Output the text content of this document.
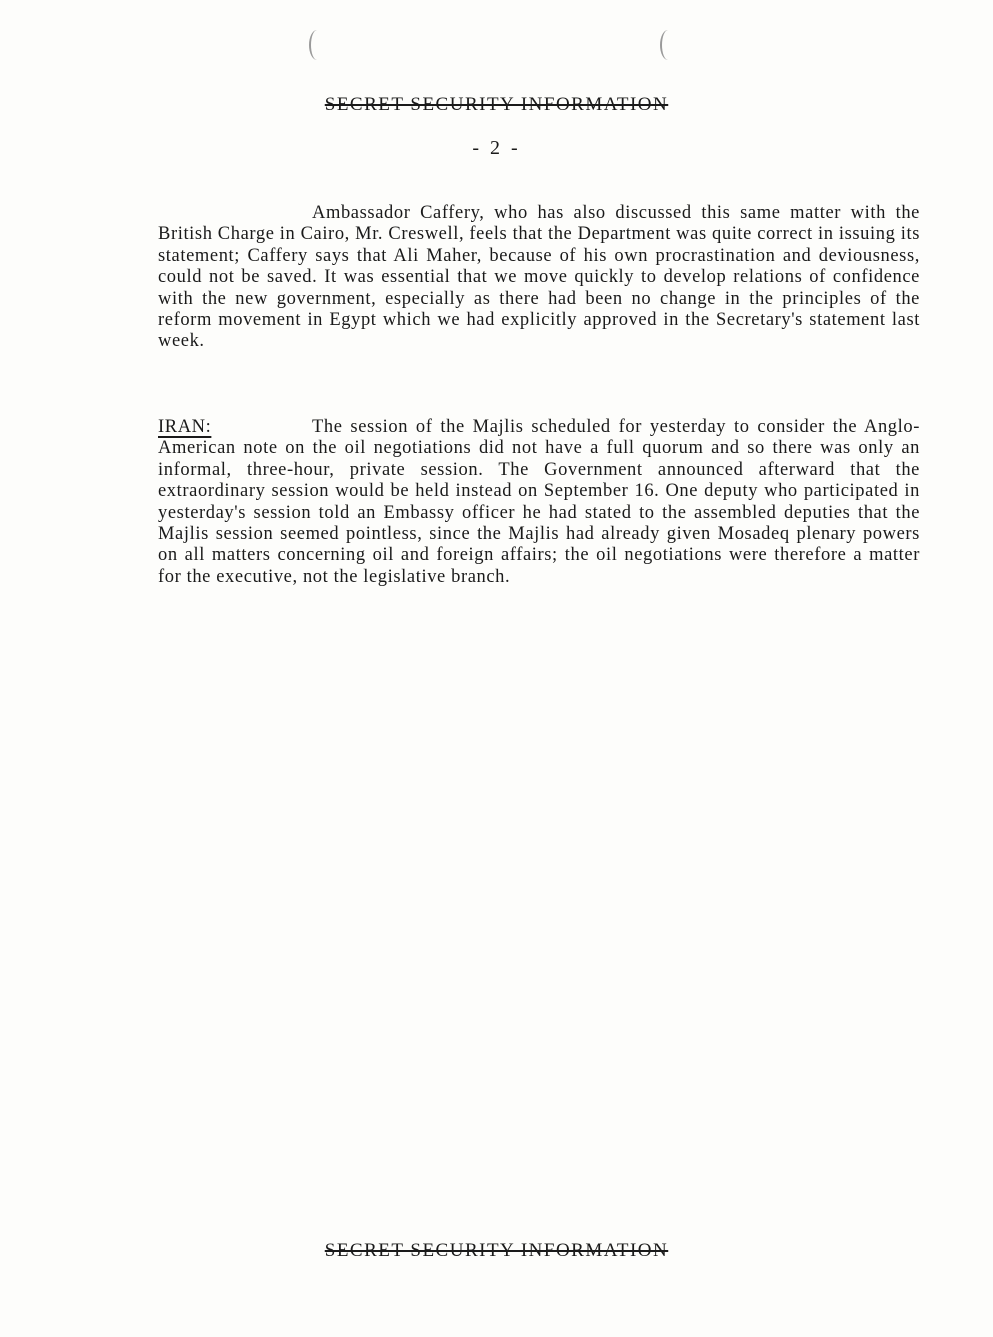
SECRET SECURITY INFORMATION
- 2 -
Ambassador Caffery, who has also discussed this same matter with the British Charge in Cairo, Mr. Creswell, feels that the Department was quite correct in issuing its statement; Caffery says that Ali Maher, because of his own procrastination and deviousness, could not be saved. It was essential that we move quickly to develop relations of confidence with the new government, especially as there had been no change in the principles of the reform movement in Egypt which we had explicitly approved in the Secretary's statement last week.
IRAN:	The session of the Majlis scheduled for yesterday to consider the Anglo-American note on the oil negotiations did not have a full quorum and so there was only an informal, three-hour, private session. The Government announced afterward that the extraordinary session would be held instead on September 16. One deputy who participated in yesterday's session told an Embassy officer he had stated to the assembled deputies that the Majlis session seemed pointless, since the Majlis had already given Mosadeq plenary powers on all matters concerning oil and foreign affairs; the oil negotiations were therefore a matter for the executive, not the legislative branch.
SECRET SECURITY INFORMATION
